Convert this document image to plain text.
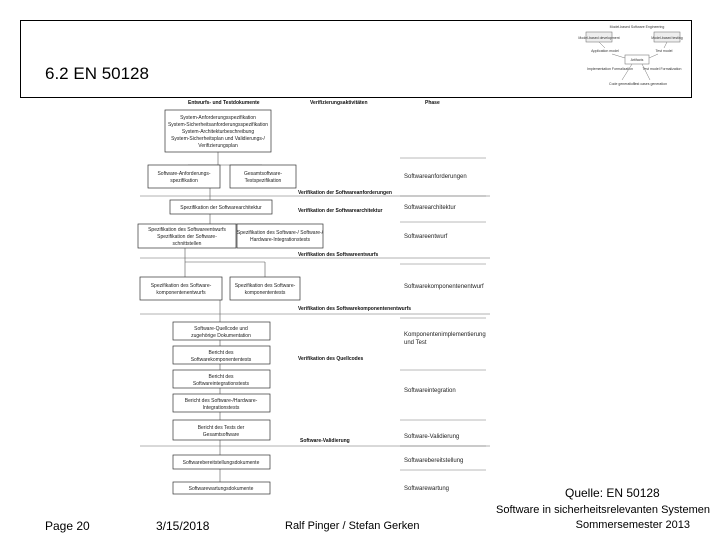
6.2 EN 50128
Model-based Software Engineering
Model-based development	Model-based testing
Application model	Test model
Artifacts
Implementation Formalization	Test model Formalization
Code generation
Test cases generation
Entwurfs- und Testdokumente	Verifizierungsaktivitäten	Phase
System-Anforderungsspezifikation
System-Sicherheitsanforderungsspezifikation
System-Architekturbeschreibung
System-Sicherheitsplan und Validierungs-/
Verifizierungsplan
Software-Anforderungs-
spezifikation
Gesamtsoftware-
Testspezifikation
Spezifikation der Softwarearchitektur
Spezifikation des Softwareentwurfs
Spezifikation der Software-
schnittstellen
Spezifikation des Software-/ Software-/
Hardware-Integrationstests
Spezifikation des Software-
komponentenentwurfs
Spezifikation des Software-
komponententests
Software-Quellcode und
zugehörige Dokumentation
Bericht des
Softwarekomponententests
Bericht des
Softwareintegrationstests
Bericht des Software-/Hardware-
Integrationstests
Bericht des Tests der
Gesamtsoftware
Softwarebereitstellungsdokumente
Softwarewartungsdokumente
Verifikation der Softwareanforderungen
Verifikation der Softwarearchitektur
Verifikation des Softwareentwurfs
Verifikation des Softwarekomponentenentwurfs
Verifikation des Quellcodes
Software-Validierung
Softwareanforderungen
Softwarearchitektur
Softwareentwurf
Softwarekomponentenentwurf
Komponentenimplementierung
und Test
Softwareintegration
Software-Validierung
Softwarebereitstellung
Softwarewartung	Quelle: EN 50128
Page 20	3/15/2018	Ralf Pinger / Stefan Gerken
Software in sicherheitsrelevanten Systemen
Sommersemester 2013
